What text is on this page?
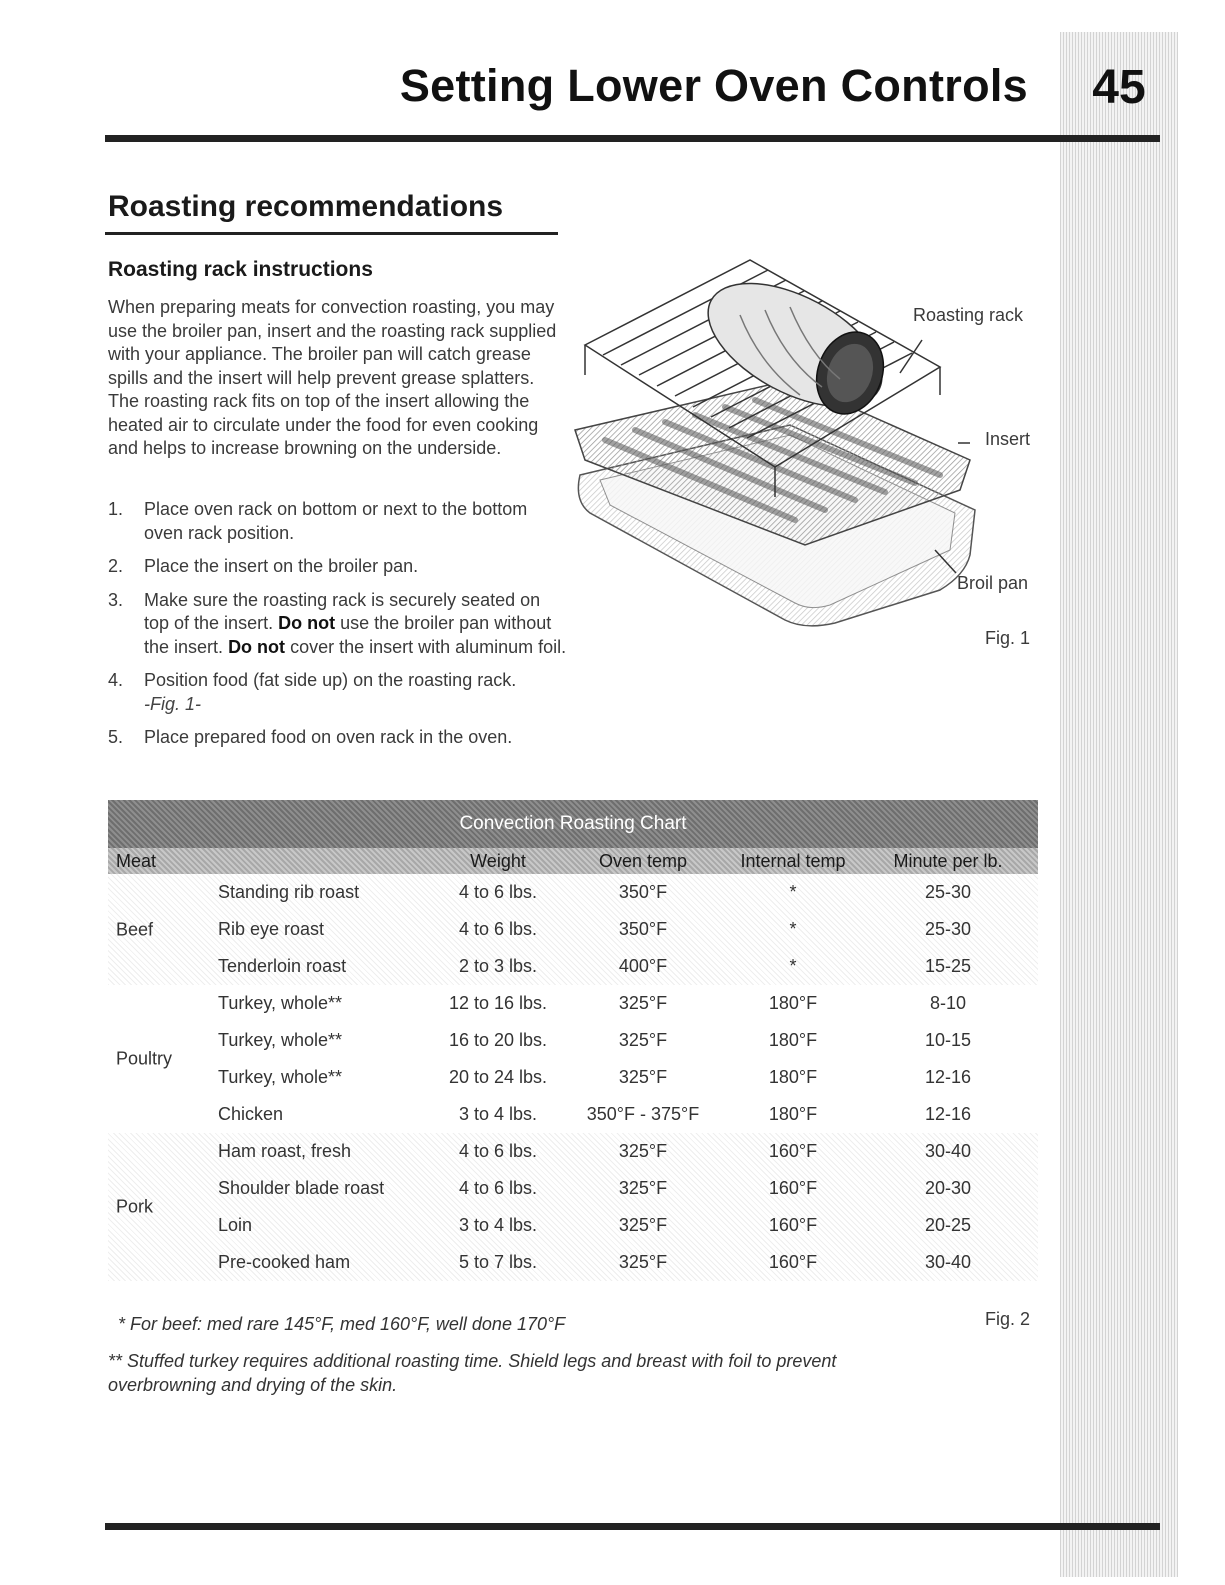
Setting Lower Oven Controls	45
Roasting recommendations
Roasting rack instructions

When preparing meats for convection roasting, you may use the broiler pan, insert and the roasting rack supplied with your appliance. The broiler pan will catch grease spills and the insert will help prevent grease splatters. The roasting rack fits on top of the insert allowing the heated air to circulate under the food for even cooking and helps to increase browning on the underside.

1. Place oven rack on bottom or next to the bottom oven rack position.
2. Place the insert on the broiler pan.
3. Make sure the roasting rack is securely seated on top of the insert. Do not use the broiler pan without the insert. Do not cover the insert with aluminum foil.
4. Position food (fat side up) on the roasting rack.
-Fig. 1-
5. Place prepared food on oven rack in the oven.
Roasting rack
Insert
Broil pan
Fig. 1
Convection Roasting Chart
Meat	Weight	Oven temp	Internal temp	Minute per lb.
Beef
Standing rib roast	4 to 6 lbs.	350°F	*	25-30
Rib eye roast	4 to 6 lbs.	350°F	*	25-30
Tenderloin roast	2 to 3 lbs.	400°F	*	15-25
Poultry
Turkey, whole**	12 to 16 lbs.	325°F	180°F	8-10
Turkey, whole**	16 to 20 lbs.	325°F	180°F	10-15
Turkey, whole**	20 to 24 lbs.	325°F	180°F	12-16
Chicken	3 to 4 lbs.	350°F - 375°F	180°F	12-16
Pork
Ham roast, fresh	4 to 6 lbs.	325°F	160°F	30-40
Shoulder blade roast	4 to 6 lbs.	325°F	160°F	20-30
Loin	3 to 4 lbs.	325°F	160°F	20-25
Pre-cooked ham	5 to 7 lbs.	325°F	160°F	30-40

* For beef: med rare 145°F, med 160°F, well done 170°F

** Stuffed turkey requires additional roasting time. Shield legs and breast with foil to prevent overbrowning and drying of the skin.

Fig. 2
